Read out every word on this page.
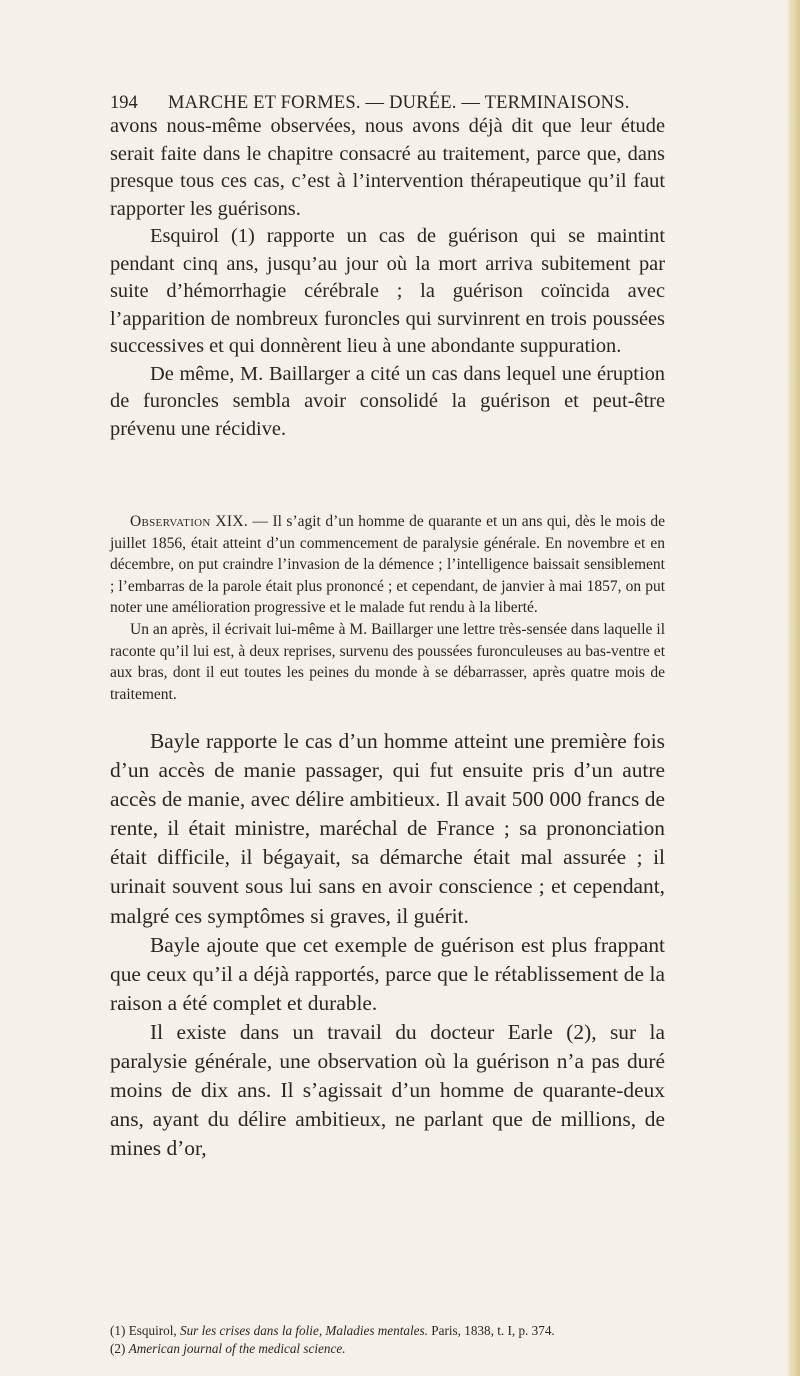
194 MARCHE ET FORMES. — DURÉE. — TERMINAISONS.

avons nous-même observées, nous avons déjà dit que leur étude serait faite dans le chapitre consacré au traitement, parce que, dans presque tous ces cas, c’est à l’intervention thérapeutique qu’il faut rapporter les guérisons.

Esquirol (1) rapporte un cas de guérison qui se maintint pendant cinq ans, jusqu’au jour où la mort arriva subitement par suite d’hémorrhagie cérébrale ; la guérison coïncida avec l’apparition de nombreux furoncles qui survinrent en trois poussées successives et qui donnèrent lieu à une abondante suppuration.

De même, M. Baillarger a cité un cas dans lequel une éruption de furoncles sembla avoir consolidé la guérison et peut-être prévenu une récidive.

Observation XIX. — Il s’agit d’un homme de quarante et un ans qui, dès le mois de juillet 1856, était atteint d’un commencement de paralysie générale. En novembre et en décembre, on put craindre l’invasion de la démence ; l’intelligence baissait sensiblement ; l’embarras de la parole était plus prononcé ; et cependant, de janvier à mai 1857, on put noter une amélioration progressive et le malade fut rendu à la liberté.

Un an après, il écrivait lui-même à M. Baillarger une lettre très-sensée dans laquelle il raconte qu’il lui est, à deux reprises, survenu des poussées furonculeuses au bas-ventre et aux bras, dont il eut toutes les peines du monde à se débarrasser, après quatre mois de traitement.

Bayle rapporte le cas d’un homme atteint une première fois d’un accès de manie passager, qui fut ensuite pris d’un autre accès de manie, avec délire ambitieux. Il avait 500 000 francs de rente, il était ministre, maréchal de France ; sa prononciation était difficile, il bégayait, sa démarche était mal assurée ; il urinait souvent sous lui sans en avoir conscience ; et cependant, malgré ces symptômes si graves, il guérit.

Bayle ajoute que cet exemple de guérison est plus frappant que ceux qu’il a déjà rapportés, parce que le rétablissement de la raison a été complet et durable.

Il existe dans un travail du docteur Earle (2), sur la paralysie générale, une observation où la guérison n’a pas duré moins de dix ans. Il s’agissait d’un homme de quarante-deux ans, ayant du délire ambitieux, ne parlant que de millions, de mines d’or,

(1) Esquirol, Sur les crises dans la folie, Maladies mentales. Paris, 1838, t. I, p. 374.
(2) American journal of the medical science.
